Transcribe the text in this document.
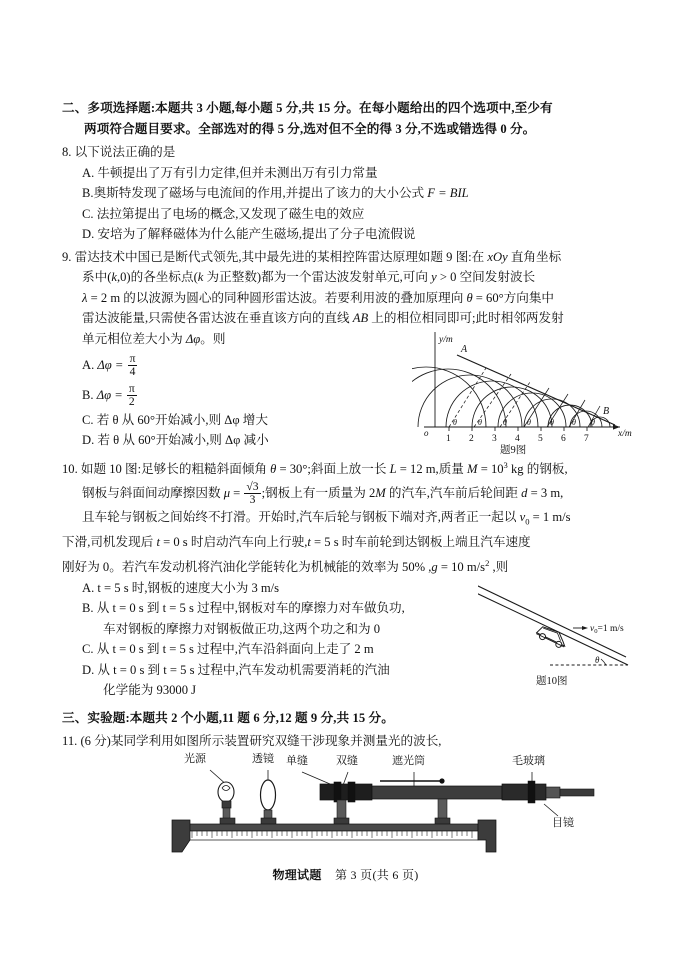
二、多项选择题:本题共 3 小题,每小题 5 分,共 15 分。在每小题给出的四个选项中,至少有
两项符合题目要求。全部选对的得 5 分,选对但不全的得 3 分,不选或错选得 0 分。
8. 以下说法正确的是
A. 牛顿提出了万有引力定律,但并未测出万有引力常量
B.奥斯特发现了磁场与电流间的作用,并提出了该力的大小公式 F = BIL
C. 法拉第提出了电场的概念,又发现了磁生电的效应
D. 安培为了解释磁体为什么能产生磁场,提出了分子电流假说
9. 雷达技术中国已是断代式领先,其中最先进的某相控阵雷达原理如题 9 图:在 xOy 直角坐标
系中(k,0)的各坐标点(k 为正整数)都为一个雷达波发射单元,可向 y > 0 空间发射波长
λ = 2 m 的以波源为圆心的同种圆形雷达波。若要利用波的叠加原理向 θ = 60°方向集中
雷达波能量,只需使各雷达波在垂直该方向的直线 AB 上的相位相同即可;此时相邻两发射
单元相位差大小为 Δφ。则
A. $\Delta\varphi = \frac{\pi}{4}$
B. $\Delta\varphi = \frac{\pi}{2}$
C. 若 θ 从 60°开始减小,则 Δφ 增大
D. 若 θ 从 60°开始减小,则 Δφ 减小
10. 如题 10 图:足够长的粗糙斜面倾角 θ = 30°;斜面上放一长 L = 12 m,质量 $M = 10^3$ kg 的钢板,
钢板与斜面间动摩擦因数 $\mu = \frac{√3}{3}$ ;钢板上有一质量为 2M 的汽车,汽车前后轮间距 d = 3 m,
且车轮与钢板之间始终不打滑。开始时,汽车后轮与钢板下端对齐,两者正一起以 $v_0 = 1$ m/s
下滑,司机发现后 t = 0 s 时启动汽车向上行驶,t = 5 s 时车前轮到达钢板上端且汽车速度
刚好为 0。若汽车发动机将汽油化学能转化为机械能的效率为 50% ,g = 10 $m/s^2$ ,则
A. t = 5 s 时,钢板的速度大小为 3 m/s
B. 从 t = 0 s 到 t = 5 s 过程中,钢板对车的摩擦力对车做负功,
车对钢板的摩擦力对钢板做正功,这两个功之和为 0
C. 从 t = 0 s 到 t = 5 s 过程中,汽车沿斜面向上走了 2 m
D. 从 t = 0 s 到 t = 5 s 过程中,汽车发动机需要消耗的汽油
化学能为 93000 J
三、实验题:本题共 2 个小题,11 题 6 分,12 题 9 分,共 15 分。
11. (6 分)某同学利用如图所示装置研究双缝干涉现象并测量光的波长,
1 2 3 4 5 6 7
θ	θ	θ	θ θ θ θ
y/m
x/m
o
A
B
题9图
θ
$v_0=1$ m/s
题10图
光源	透镜 单缝	双缝	遮光筒	毛玻璃
目镜
物理试题 第 3 页(共 6 页)
